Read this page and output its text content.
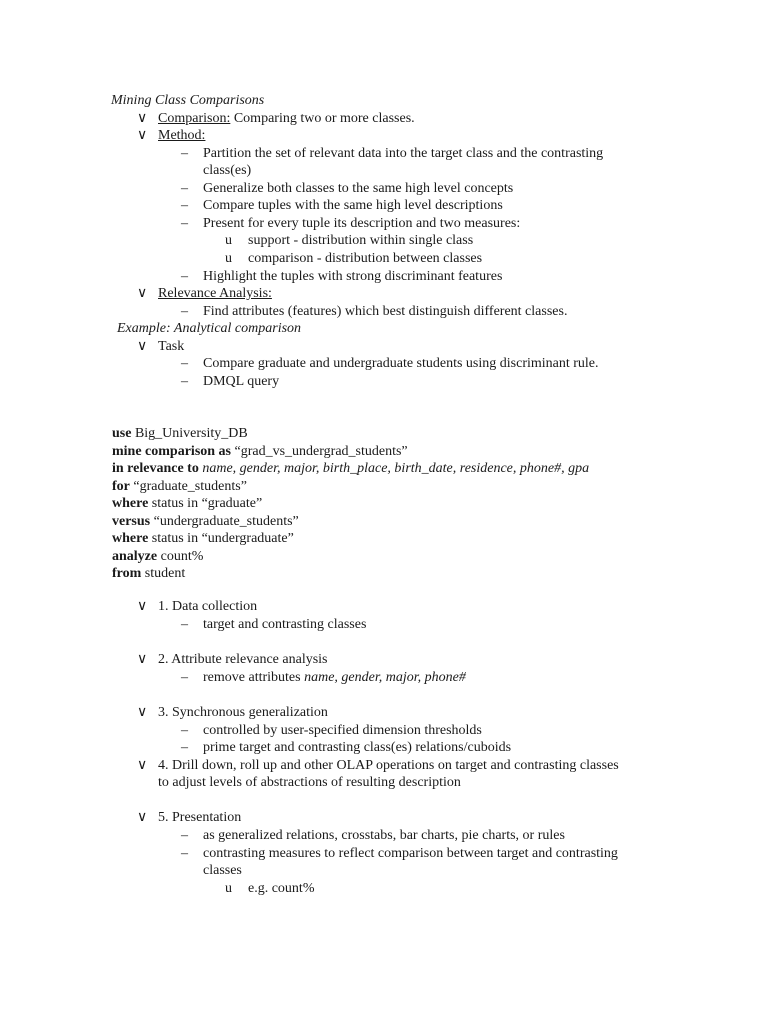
Mining Class Comparisons
∨ Comparison: Comparing two or more classes.
∨ Method:
– Partition the set of relevant data into the target class and the contrasting
class(es)
– Generalize both classes to the same high level concepts
– Compare tuples with the same high level descriptions
– Present for every tuple its description and two measures:
u support - distribution within single class
u comparison - distribution between classes
– Highlight the tuples with strong discriminant features
∨ Relevance Analysis:
– Find attributes (features) which best distinguish different classes.
Example: Analytical comparison
∨ Task
– Compare graduate and undergraduate students using discriminant rule.
– DMQL query
use Big_University_DB
mine comparison as “grad_vs_undergrad_students”
in relevance to name, gender, major, birth_place, birth_date, residence, phone#, gpa
for “graduate_students”
where status in “graduate”
versus “undergraduate_students”
where status in “undergraduate”
analyze count%
from student
∨ 1. Data collection
– target and contrasting classes
∨ 2. Attribute relevance analysis
– remove attributes name, gender, major, phone#
∨ 3. Synchronous generalization
– controlled by user-specified dimension thresholds
– prime target and contrasting class(es) relations/cuboids
∨ 4. Drill down, roll up and other OLAP operations on target and contrasting classes
to adjust levels of abstractions of resulting description
∨ 5. Presentation
– as generalized relations, crosstabs, bar charts, pie charts, or rules
– contrasting measures to reflect comparison between target and contrasting
classes
u e.g. count%
